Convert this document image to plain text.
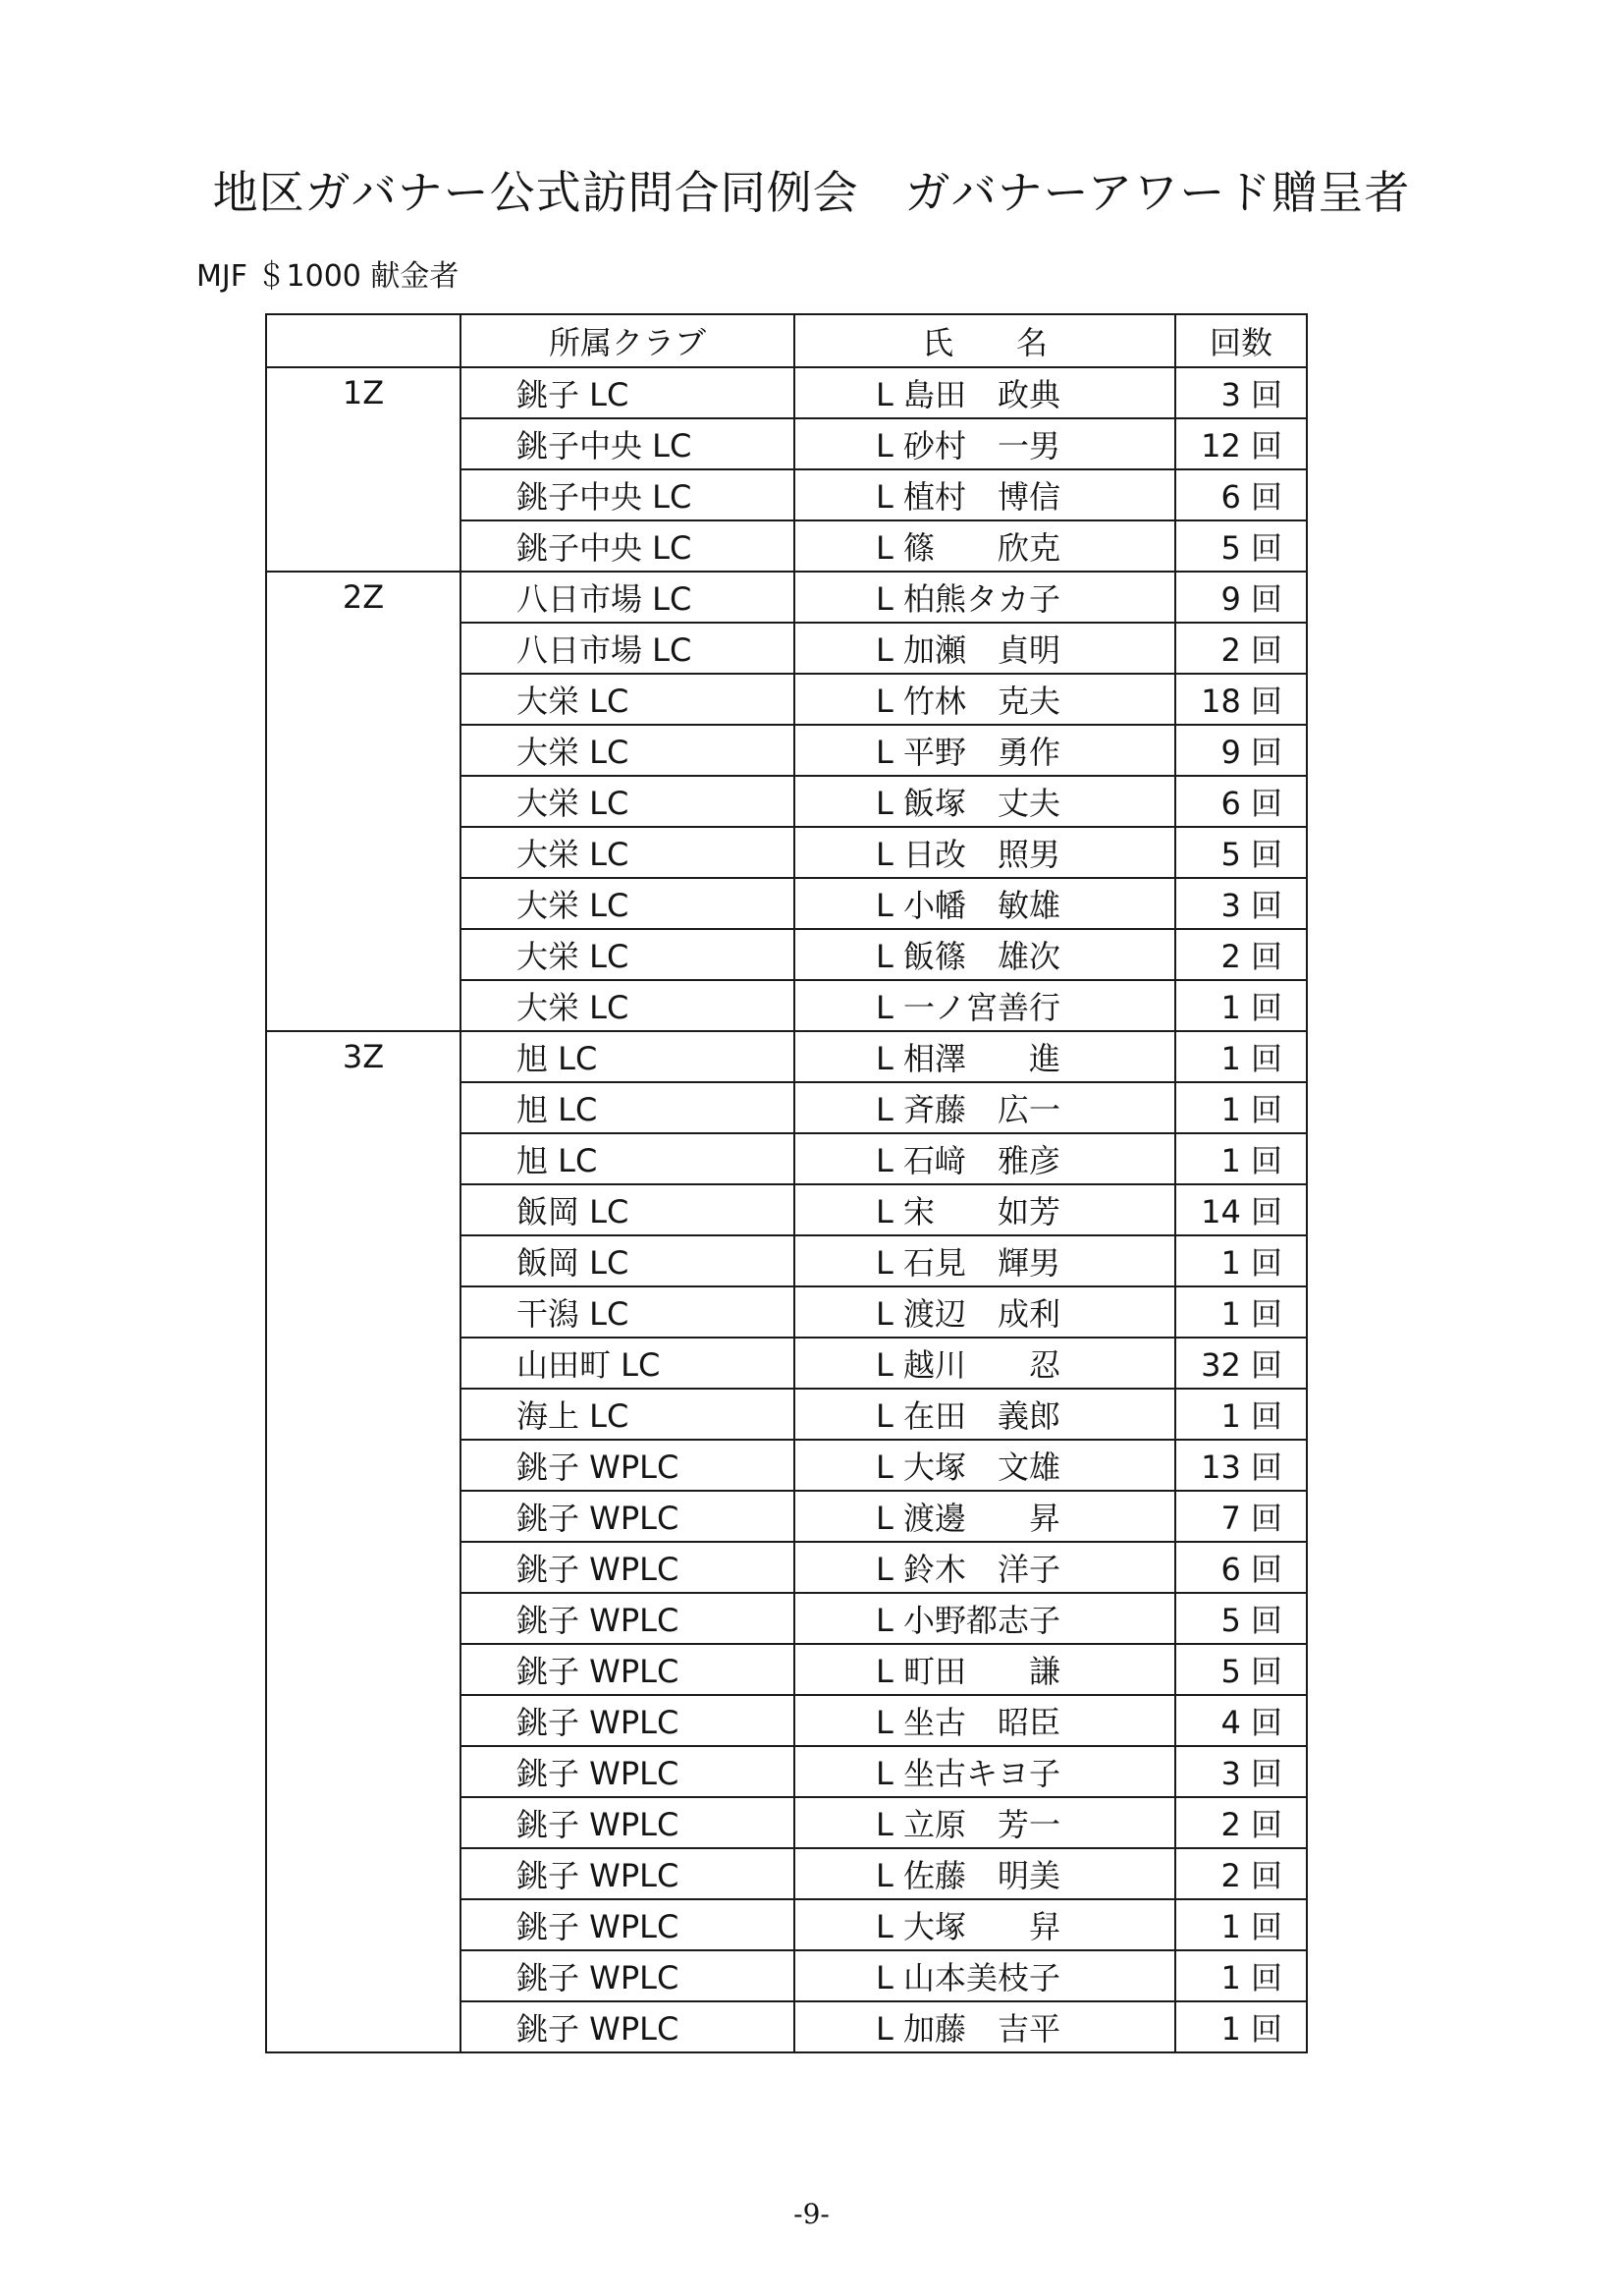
地区ガバナー公式訪問合同例会　ガバナーアワード贈呈者

MJF ＄1000 献金者

	所属クラブ	氏　　名	回数
1Z	銚子 LC	L 島田　政典	3 回
	銚子中央 LC	L 砂村　一男	12 回
	銚子中央 LC	L 植村　博信	6 回
	銚子中央 LC	L 篠　　欣克	5 回
2Z	八日市場 LC	L 柏熊タカ子	9 回
	八日市場 LC	L 加瀬　貞明	2 回
	大栄 LC	L 竹林　克夫	18 回
	大栄 LC	L 平野　勇作	9 回
	大栄 LC	L 飯塚　丈夫	6 回
	大栄 LC	L 日改　照男	5 回
	大栄 LC	L 小幡　敏雄	3 回
	大栄 LC	L 飯篠　雄次	2 回
	大栄 LC	L 一ノ宮善行	1 回
3Z	旭 LC	L 相澤　　進	1 回
	旭 LC	L 斉藤　広一	1 回
	旭 LC	L 石﨑　雅彦	1 回
	飯岡 LC	L 宋　　如芳	14 回
	飯岡 LC	L 石見　輝男	1 回
	干潟 LC	L 渡辺　成利	1 回
	山田町 LC	L 越川　　忍	32 回
	海上 LC	L 在田　義郎	1 回
	銚子 WPLC	L 大塚　文雄	13 回
	銚子 WPLC	L 渡邊　　昇	7 回
	銚子 WPLC	L 鈴木　洋子	6 回
	銚子 WPLC	L 小野都志子	5 回
	銚子 WPLC	L 町田　　謙	5 回
	銚子 WPLC	L 坐古　昭臣	4 回
	銚子 WPLC	L 坐古キヨ子	3 回
	銚子 WPLC	L 立原　芳一	2 回
	銚子 WPLC	L 佐藤　明美	2 回
	銚子 WPLC	L 大塚　　舁	1 回
	銚子 WPLC	L 山本美枝子	1 回
	銚子 WPLC	L 加藤　吉平	1 回
-9-
